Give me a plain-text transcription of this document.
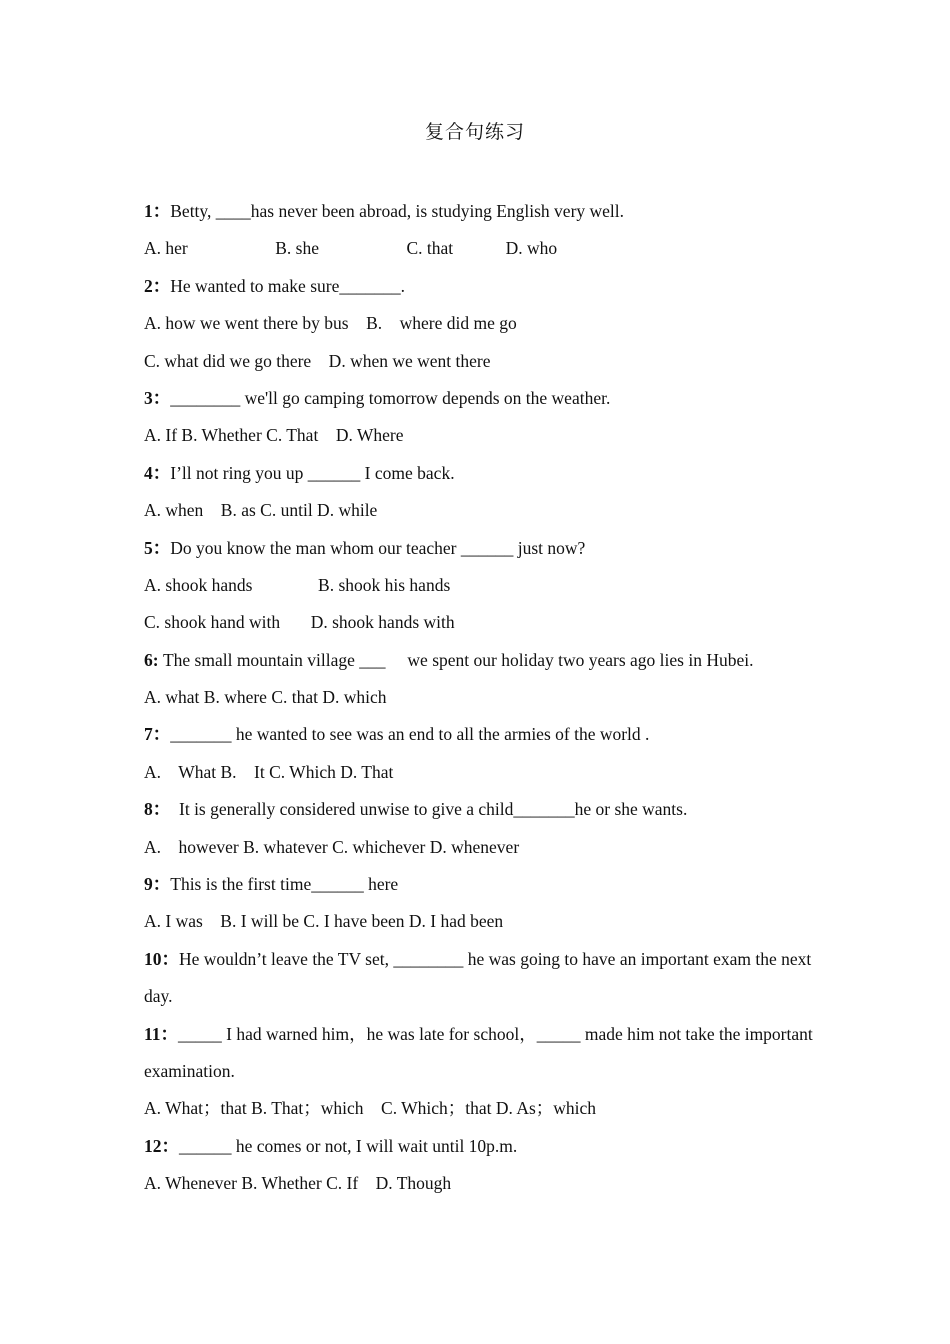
复合句练习
1：Betty, ____has never been abroad, is studying English very well.
A. her                    B. she                    C. that            D. who
2：He wanted to make sure_______.
A. how we went there by bus    B.    where did me go
C. what did we go there    D. when we went there
3：________ we'll go camping tomorrow depends on the weather.
A. If B. Whether C. That    D. Where
4：I’ll not ring you up ______ I come back.
A. when    B. as C. until D. while
5：Do you know the man whom our teacher ______ just now?
A. shook hands               B. shook his hands
C. shook hand with       D. shook hands with
6: The small mountain village ___     we spent our holiday two years ago lies in Hubei.
A. what B. where C. that D. which
7：_______ he wanted to see was an end to all the armies of the world .
A.    What B.    It C. Which D. That
8：  It is generally considered unwise to give a child_______he or she wants.
A.    however B. whatever C. whichever D. whenever
9：This is the first time______ here
A. I was    B. I will be C. I have been D. I had been
10：He wouldn’t leave the TV set, ________ he was going to have an important exam the next day.
11：_____ I had warned him，he was late for school，_____ made him not take the important examination.
A. What；that B. That；which    C. Which；that D. As；which
12：______ he comes or not, I will wait until 10p.m.
A. Whenever B. Whether C. If    D. Though
